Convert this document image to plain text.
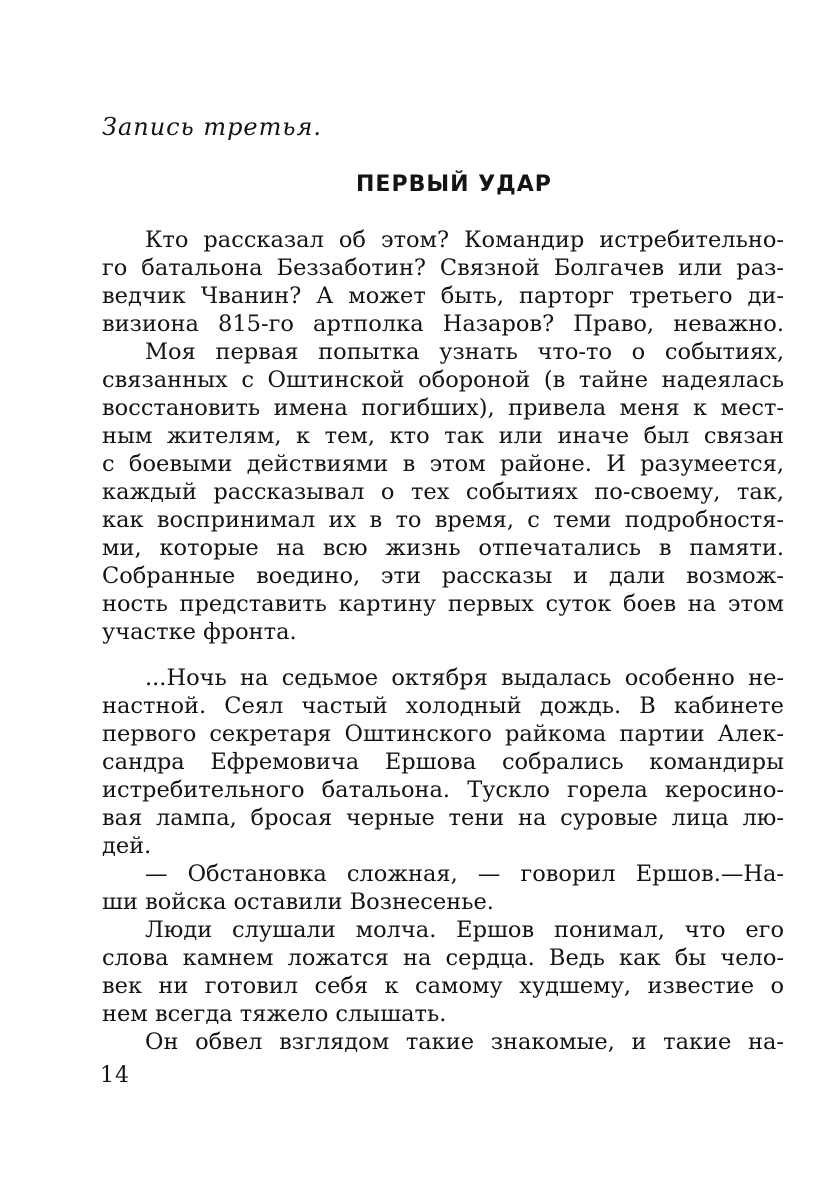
Запись третья.
ПЕРВЫЙ УДАР
Кто рассказал об этом? Командир истребительно-
го батальона Беззаботин? Связной Болгачев или раз-
ведчик Чванин? А может быть, парторг третьего ди-
визиона 815-го артполка Назаров? Право, неважно.
Моя первая попытка узнать что-то о событиях,
связанных с Оштинской обороной (в тайне надеялась
восстановить имена погибших), привела меня к мест-
ным жителям, к тем, кто так или иначе был связан
с боевыми действиями в этом районе. И разумеется,
каждый рассказывал о тех событиях по-своему, так,
как воспринимал их в то время, с теми подробностя-
ми, которые на всю жизнь отпечатались в памяти.
Собранные воедино, эти рассказы и дали возмож-
ность представить картину первых суток боев на этом
участке фронта.
...Ночь на седьмое октября выдалась особенно не-
настной. Сеял частый холодный дождь. В кабинете
первого секретаря Оштинского райкома партии Алек-
сандра Ефремовича Ершова собрались командиры
истребительного батальона. Тускло горела керосино-
вая лампа, бросая черные тени на суровые лица лю-
дей.
— Обстановка сложная, — говорил Ершов.—На-
ши войска оставили Вознесенье.
Люди слушали молча. Ершов понимал, что его
слова камнем ложатся на сердца. Ведь как бы чело-
век ни готовил себя к самому худшему, известие о
нем всегда тяжело слышать.
Он обвел взглядом такие знакомые, и такие на-
14
